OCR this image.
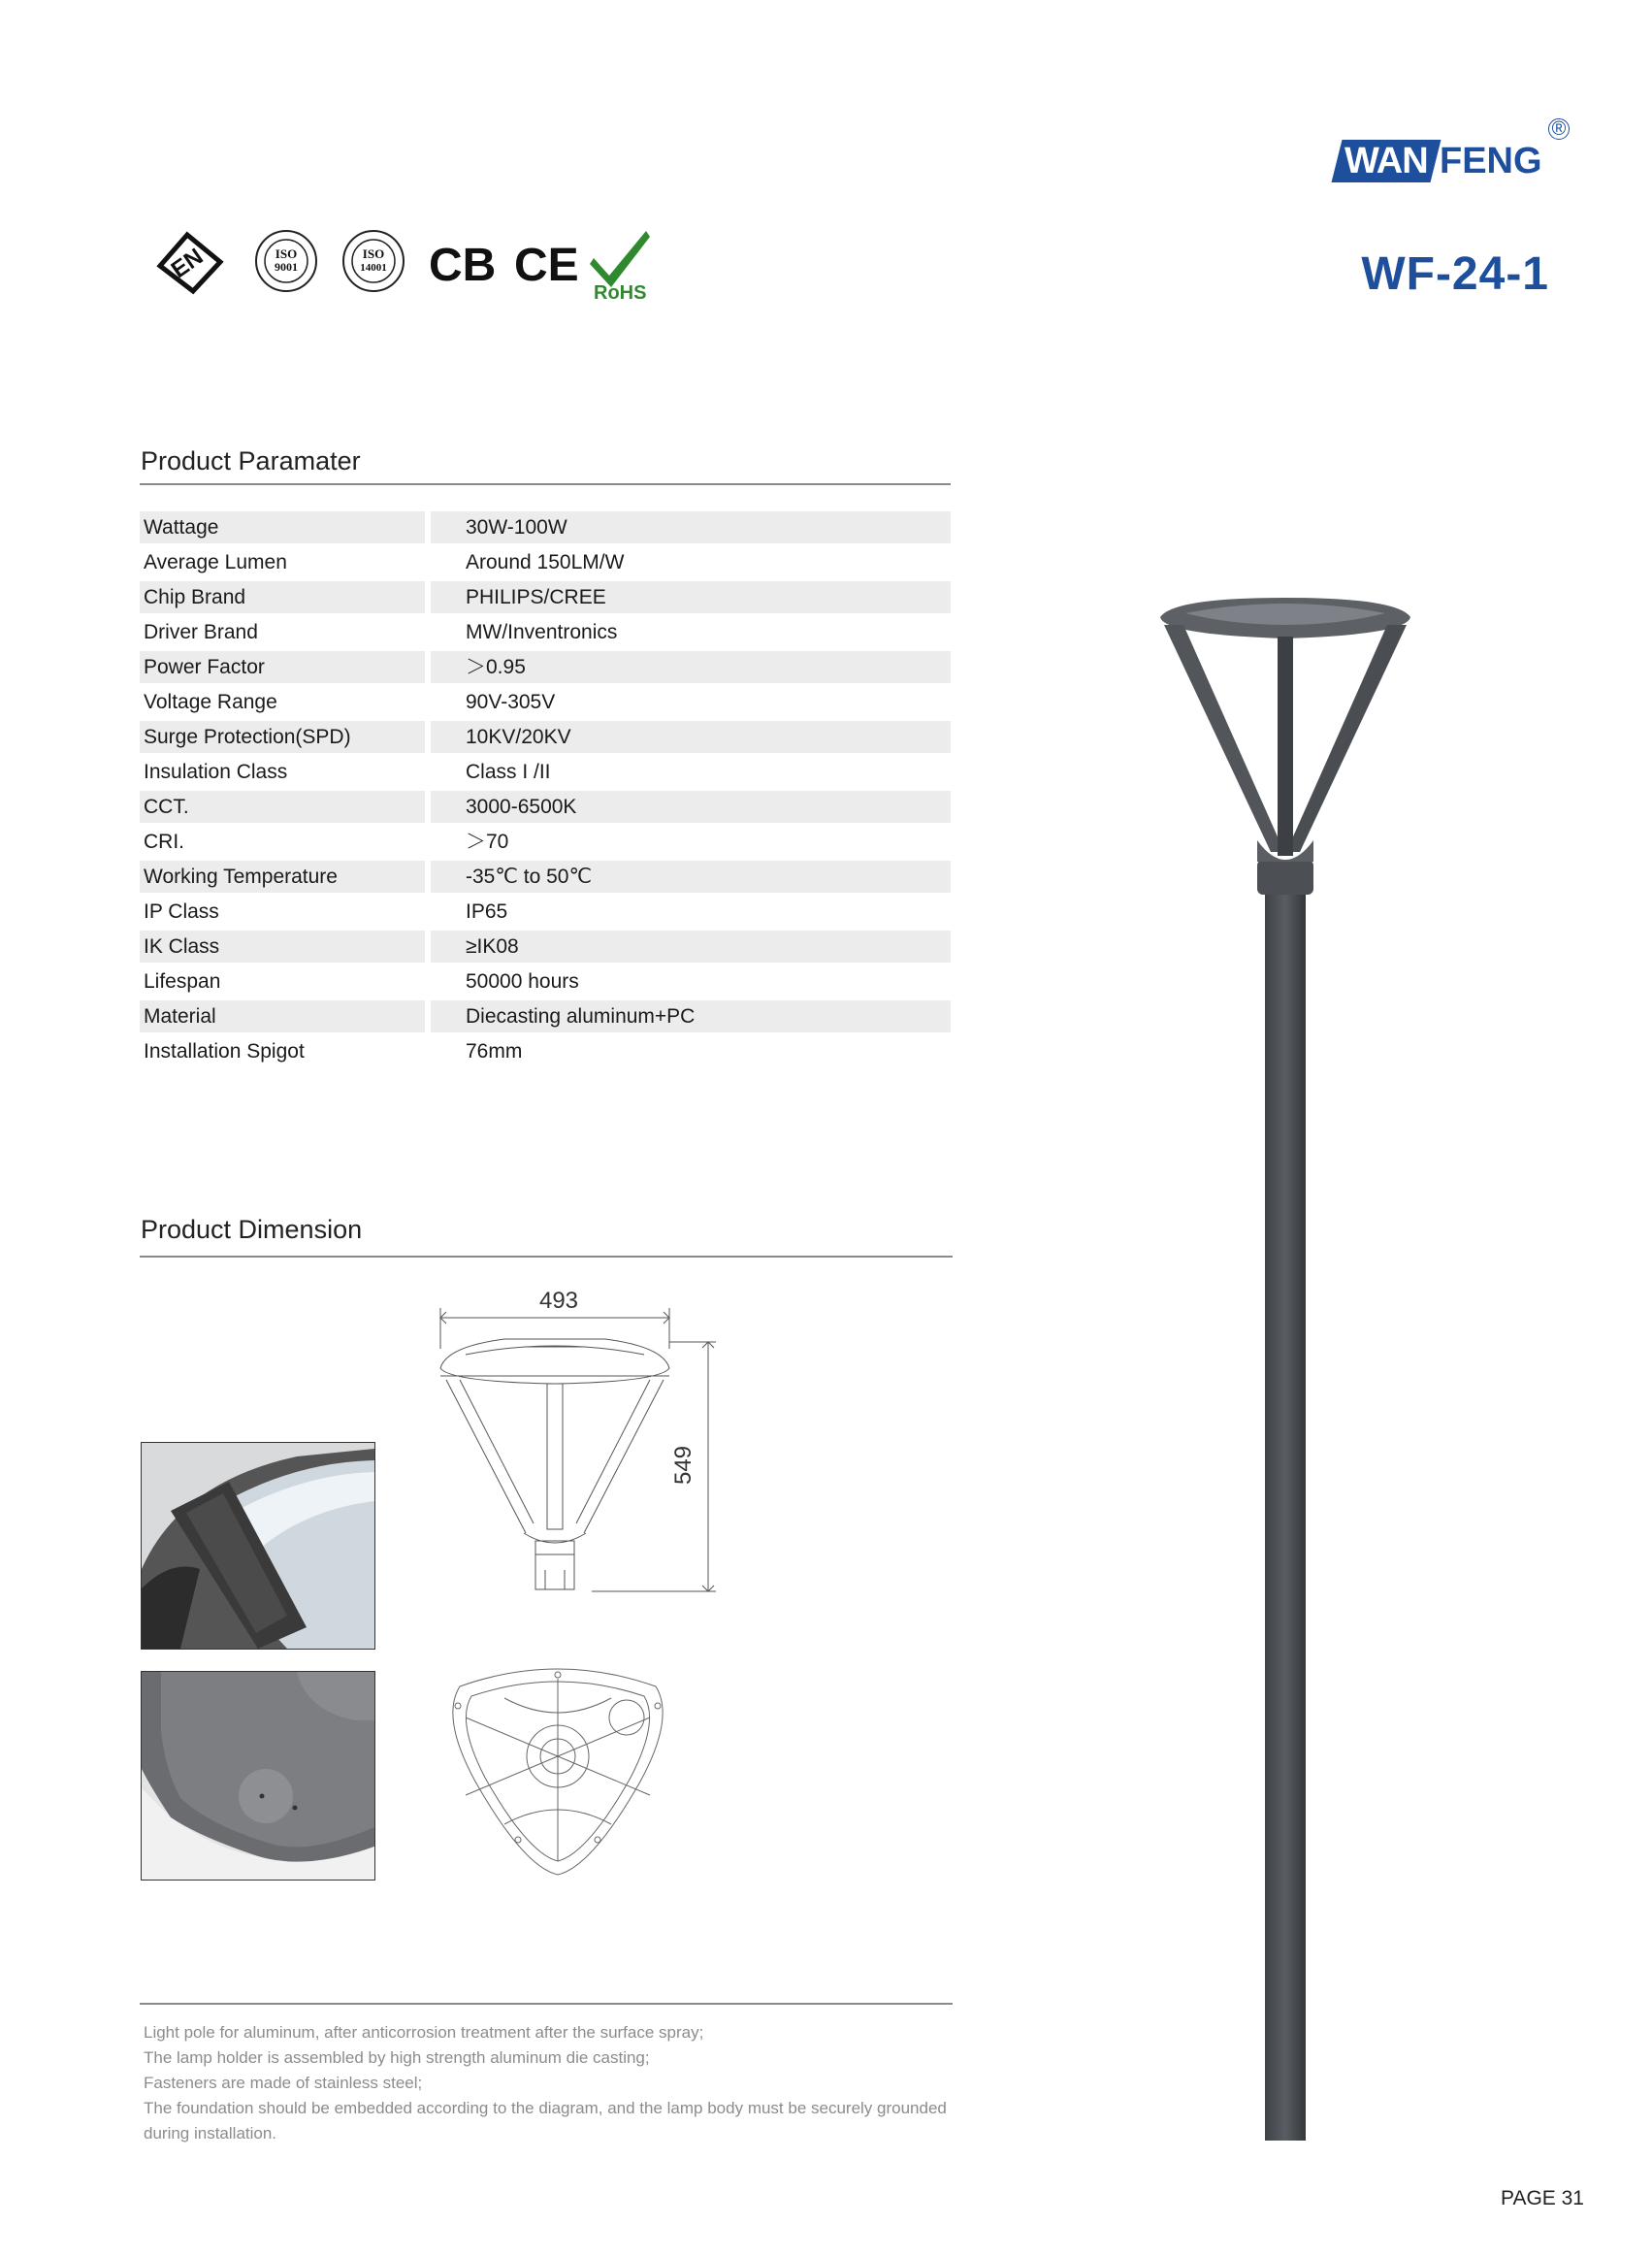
WAN FENG
®
WF-24-1
EN	ISO
9001
ISO
14001 CB CE
RoHS
Product Paramater
Wattage	30W-100W
Average Lumen	Around 150LM/W
Chip Brand	PHILIPS/CREE
Driver Brand	MW/Inventronics
Power Factor	＞0.95
Voltage Range	90V-305V
Surge Protection(SPD)	10KV/20KV
Insulation Class	Class I /II
CCT.	3000-6500K
CRI.	＞70
Working Temperature	-35℃ to 50℃
IP Class	IP65
IK Class	≥IK08
Lifespan	50000 hours
Material	Diecasting aluminum+PC
Installation Spigot	76mm
Product Dimension
493
549
Light pole for aluminum, after anticorrosion treatment after the surface spray;
The lamp holder is assembled by high strength aluminum die casting;
Fasteners are made of stainless steel;
The foundation should be embedded according to the diagram, and the lamp body must be securely grounded during installation.
PAGE 31
